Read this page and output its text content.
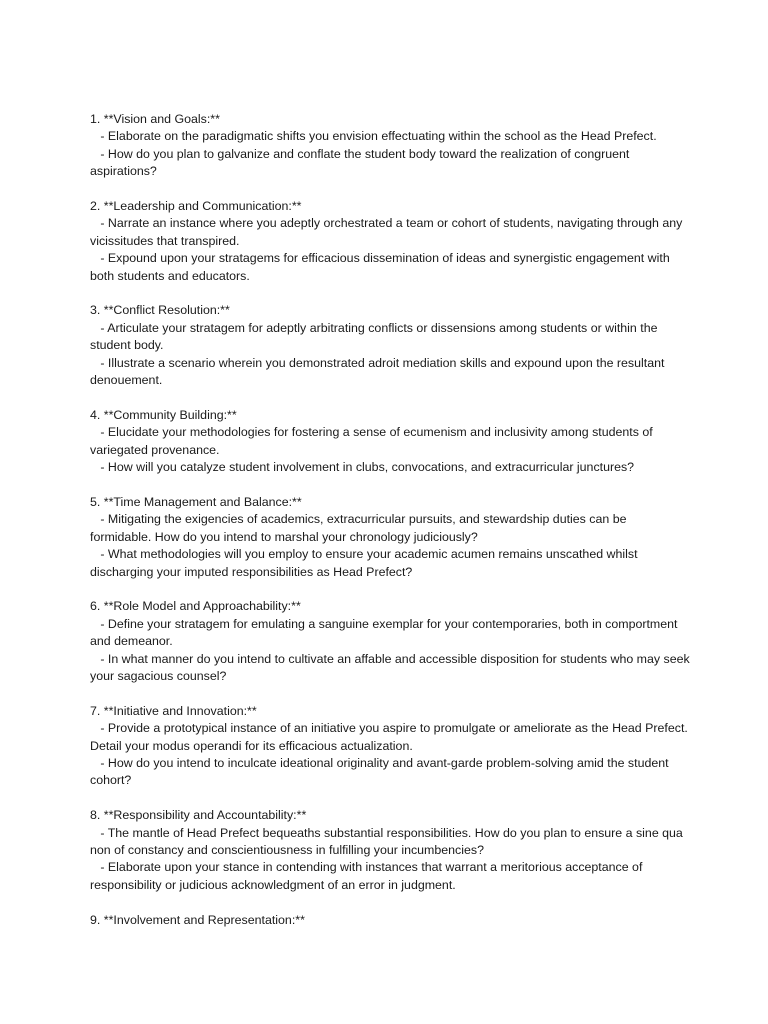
1. **Vision and Goals:**
- Elaborate on the paradigmatic shifts you envision effectuating within the school as the Head Prefect.
- How do you plan to galvanize and conflate the student body toward the realization of congruent aspirations?
2. **Leadership and Communication:**
- Narrate an instance where you adeptly orchestrated a team or cohort of students, navigating through any vicissitudes that transpired.
- Expound upon your stratagems for efficacious dissemination of ideas and synergistic engagement with both students and educators.
3. **Conflict Resolution:**
- Articulate your stratagem for adeptly arbitrating conflicts or dissensions among students or within the student body.
- Illustrate a scenario wherein you demonstrated adroit mediation skills and expound upon the resultant denouement.
4. **Community Building:**
- Elucidate your methodologies for fostering a sense of ecumenism and inclusivity among students of variegated provenance.
- How will you catalyze student involvement in clubs, convocations, and extracurricular junctures?
5. **Time Management and Balance:**
- Mitigating the exigencies of academics, extracurricular pursuits, and stewardship duties can be formidable. How do you intend to marshal your chronology judiciously?
- What methodologies will you employ to ensure your academic acumen remains unscathed whilst discharging your imputed responsibilities as Head Prefect?
6. **Role Model and Approachability:**
- Define your stratagem for emulating a sanguine exemplar for your contemporaries, both in comportment and demeanor.
- In what manner do you intend to cultivate an affable and accessible disposition for students who may seek your sagacious counsel?
7. **Initiative and Innovation:**
- Provide a prototypical instance of an initiative you aspire to promulgate or ameliorate as the Head Prefect. Detail your modus operandi for its efficacious actualization.
- How do you intend to inculcate ideational originality and avant-garde problem-solving amid the student cohort?
8. **Responsibility and Accountability:**
- The mantle of Head Prefect bequeaths substantial responsibilities. How do you plan to ensure a sine qua non of constancy and conscientiousness in fulfilling your incumbencies?
- Elaborate upon your stance in contending with instances that warrant a meritorious acceptance of responsibility or judicious acknowledgment of an error in judgment.
9. **Involvement and Representation:**
